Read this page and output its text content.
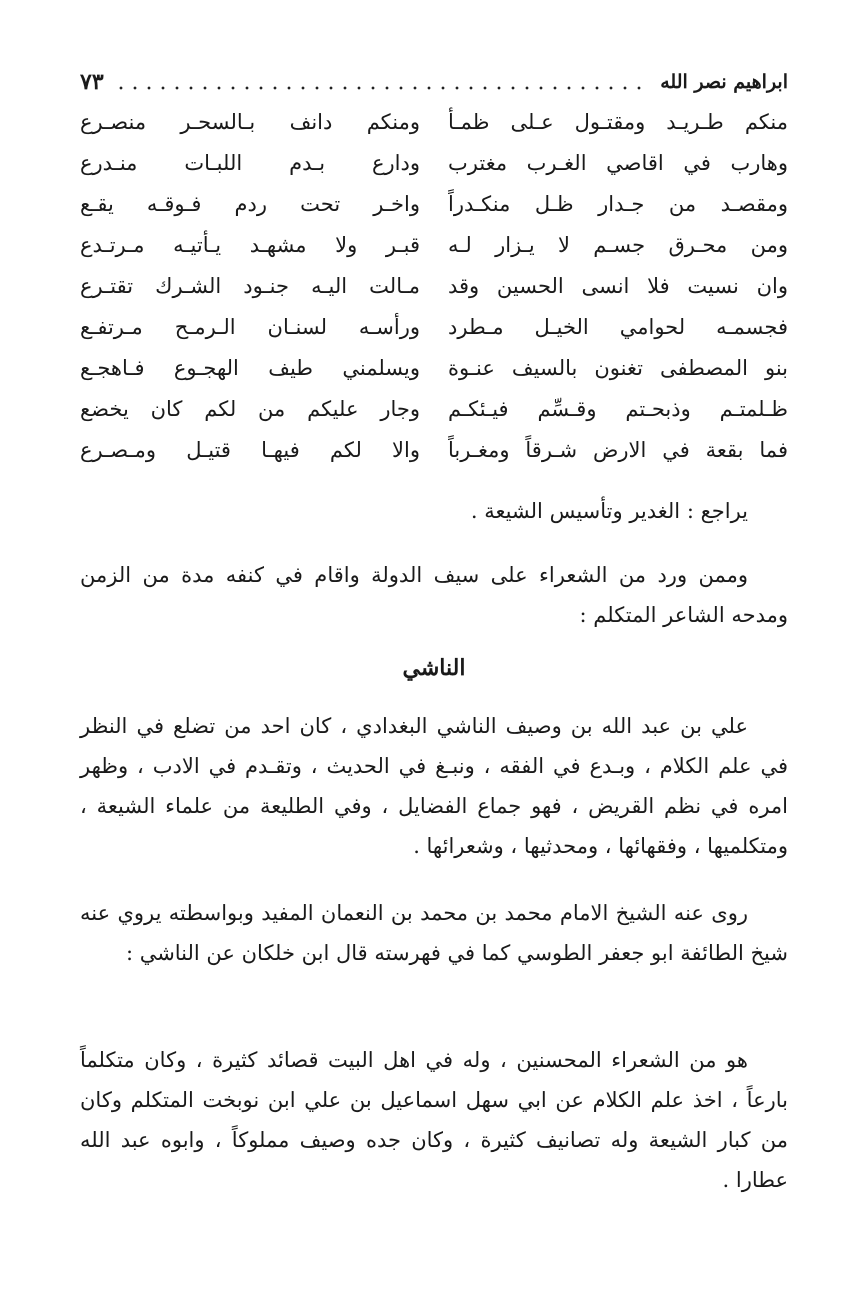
ابراهيم نصر الله
٧٣
منكم طـريـد ومقتـول عـلى ظمـأ
ومنكم دانف بـالسحـر منصـرع
وهارب في اقاصي الغـرب مغترب
ودارع بـدم اللبـات منـدرع
ومقصـد من جـدار ظـل منكـدراً
واخـر تحت ردم فـوقـه يقـع
ومن محـرق جسـم لا يـزار لـه
قبـر ولا مشهـد يـأتيـه مـرتـدع
وان نسيت فلا انسى الحسين وقد
مـالت اليـه جنـود الشـرك تقتـرع
فجسمـه لحوامي الخيـل مـطرد
ورأسـه لسنـان الـرمـح مـرتفـع
بنو المصطفى تغنون بالسيف عنـوة
ويسلمني طيف الهجـوع فـاهجـع
ظـلمتـم وذبحـتم وقـسِّم فيـئكـم
وجار عليكم من لكم كان يخضع
فما بقعة في الارض شـرقاً ومغـرباً
والا لكم فيهـا قتيـل ومـصـرع

يراجع : الغدير وتأسيس الشيعة .

وممن ورد من الشعراء على سيف الدولة واقام في كنفه مدة من الزمن ومدحه الشاعر المتكلم :

الناشي

علي بن عبد الله بن وصيف الناشي البغدادي ، كان احد من تضلع في النظر في علم الكلام ، وبـدع في الفقه ، ونبـغ في الحديث ، وتقـدم في الادب ، وظهر امره في نظم القريض ، فهو جماع الفضايل ، وفي الطليعة من علماء الشيعة ، ومتكلميها ، وفقهائها ، ومحدثيها ، وشعرائها .

روى عنه الشيخ الامام محمد بن محمد بن النعمان المفيد وبواسطته يروي عنه شيخ الطائفة ابو جعفر الطوسي كما في فهرسته قال ابن خلكان عن الناشي :

هو من الشعراء المحسنين ، وله في اهل البيت قصائد كثيرة ، وكان متكلماً بارعاً ، اخذ علم الكلام عن ابي سهل اسماعيل بن علي ابن نوبخت المتكلم وكان من كبار الشيعة وله تصانيف كثيرة ، وكان جده وصيف مملوكاً ، وابوه عبد الله عطارا .
